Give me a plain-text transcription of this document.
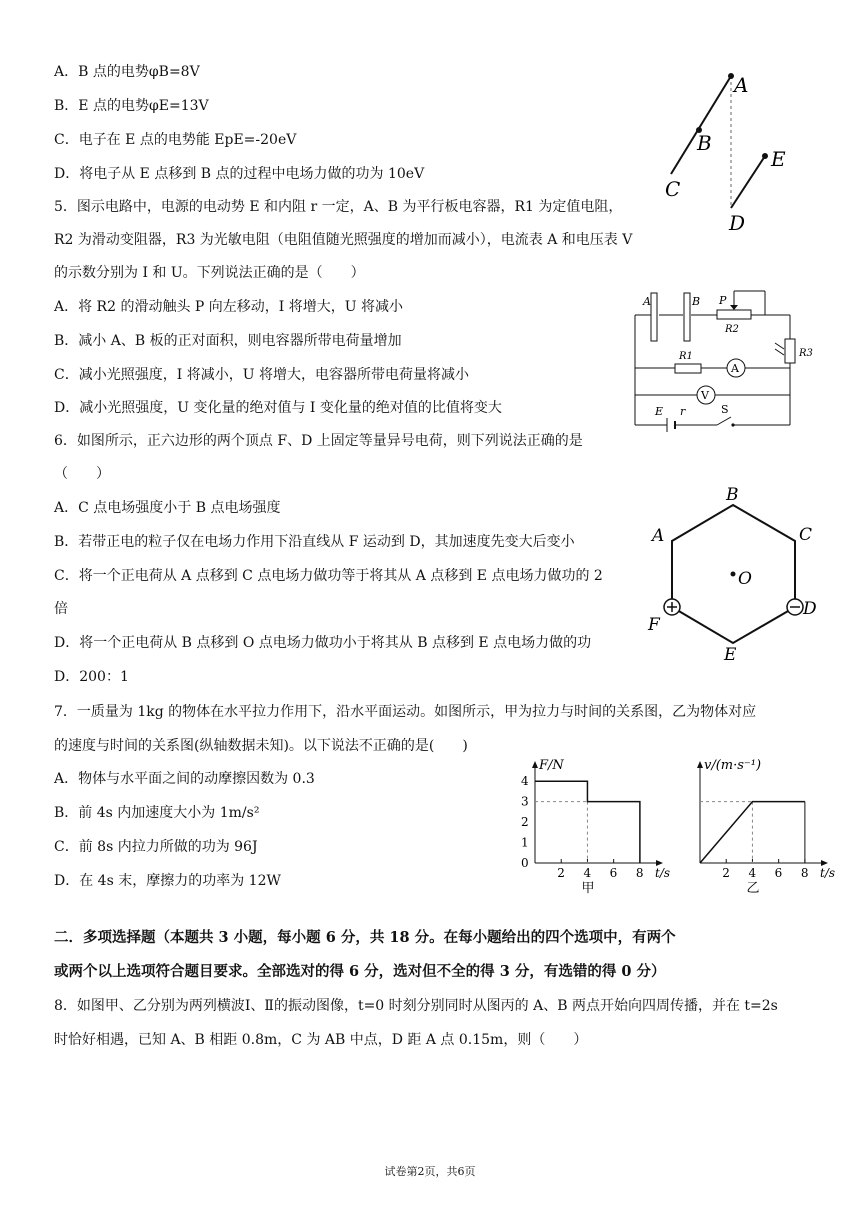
A．B 点的电势φB=8V
B．E 点的电势φE=13V
C．电子在 E 点的电势能 EpE=-20eV
D．将电子从 E 点移到 B 点的过程中电场力做的功为 10eV
A
B
C
D
E
5．图示电路中，电源的电动势 E 和内阻 r 一定，A、B 为平行板电容器，R1 为定值电阻，
R2 为滑动变阻器，R3 为光敏电阻（电阻值随光照强度的增加而减小），电流表 A 和电压表 V
的示数分别为 I 和 U。下列说法正确的是（　　）
A．将 R2 的滑动触头 P 向左移动，I 将增大，U 将减小
B．减小 A、B 板的正对面积，则电容器所带电荷量增加
C．减小光照强度，I 将减小，U 将增大，电容器所带电荷量将减小
D．减小光照强度，U 变化量的绝对值与 I 变化量的绝对值的比值将变大
A	B P
R2
R3
R1
A
V
E r	S
6．如图所示，正六边形的两个顶点 F、D 上固定等量异号电荷，则下列说法正确的是
（　　）
A．C 点电场强度小于 B 点电场强度
B．若带正电的粒子仅在电场力作用下沿直线从 F 运动到 D，其加速度先变大后变小
C．将一个正电荷从 A 点移到 C 点电场力做功等于将其从 A 点移到 E 点电场力做功的 2
倍
D．将一个正电荷从 B 点移到 O 点电场力做功小于将其从 B 点移到 E 点电场力做的功
D．200：1
B
A	C
O
F
D
E
7．一质量为 1kg 的物体在水平拉力作用下，沿水平面运动。如图所示，甲为拉力与时间的关系图，乙为物体对应
的速度与时间的关系图(纵轴数据未知)。以下说法不正确的是(　　)
A．物体与水平面之间的动摩擦因数为 0.3
B．前 4s 内加速度大小为 1m/s²
C．前 8s 内拉力所做的功为 96J
D．在 4s 末，摩擦力的功率为 12W	2 4 6 8
0
1
2
3
4
F/N
t/s
甲
2 4 6 8
v/(m·s⁻¹)
t/s
乙
二．多项选择题（本题共 3 小题，每小题 6 分，共 18 分。在每小题给出的四个选项中，有两个
或两个以上选项符合题目要求。全部选对的得 6 分，选对但不全的得 3 分，有选错的得 0 分）
8．如图甲、乙分别为两列横波Ⅰ、Ⅱ的振动图像，t=0 时刻分别同时从图丙的 A、B 两点开始向四周传播，并在 t=2s
时恰好相遇，已知 A、B 相距 0.8m，C 为 AB 中点，D 距 A 点 0.15m，则（　　）
试卷第2页，共6页
